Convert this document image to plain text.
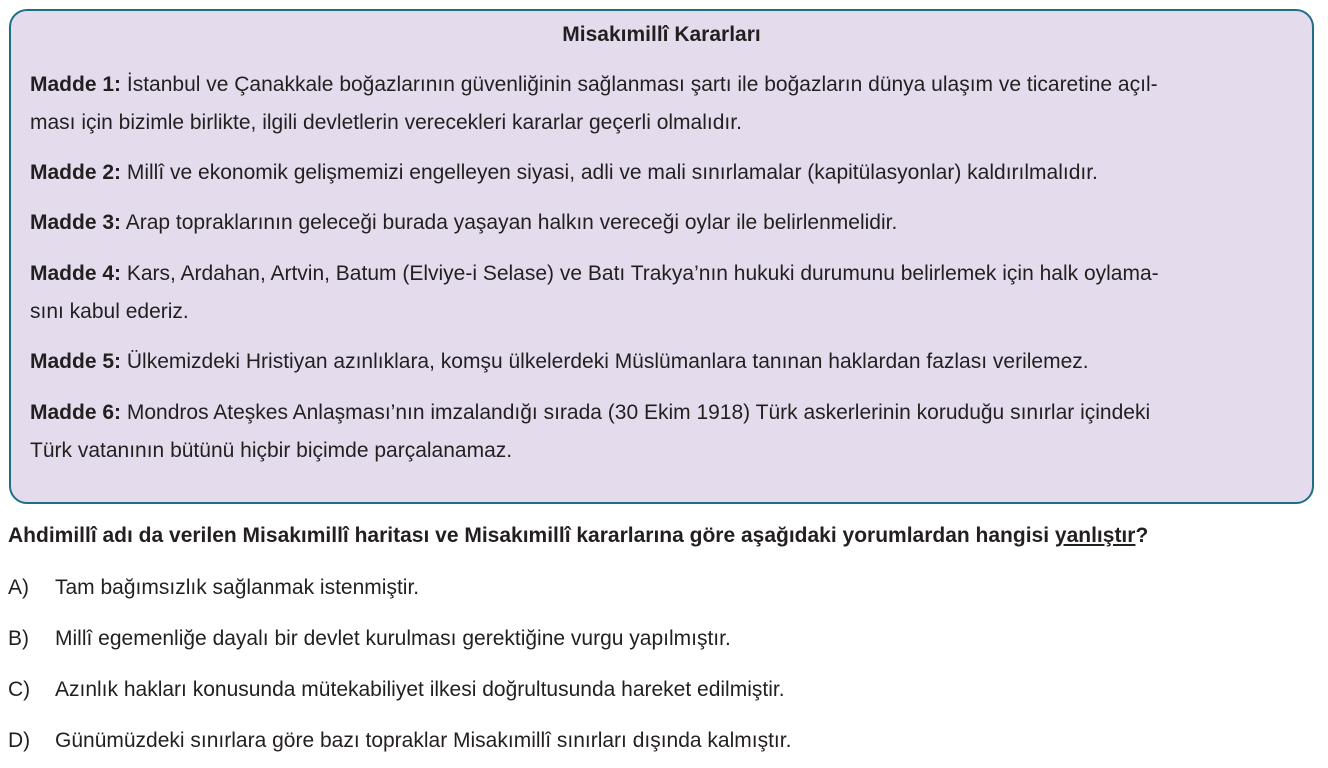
Misakımillî Kararları
Madde 1: İstanbul ve Çanakkale boğazlarının güvenliğinin sağlanması şartı ile boğazların dünya ulaşım ve ticaretine açıl-
ması için bizimle birlikte, ilgili devletlerin verecekleri kararlar geçerli olmalıdır.
Madde 2: Millî ve ekonomik gelişmemizi engelleyen siyasi, adli ve mali sınırlamalar (kapitülasyonlar) kaldırılmalıdır.
Madde 3: Arap topraklarının geleceği burada yaşayan halkın vereceği oylar ile belirlenmelidir.
Madde 4: Kars, Ardahan, Artvin, Batum (Elviye-i Selase) ve Batı Trakya’nın hukuki durumunu belirlemek için halk oylama-
sını kabul ederiz.
Madde 5: Ülkemizdeki Hristiyan azınlıklara, komşu ülkelerdeki Müslümanlara tanınan haklardan fazlası verilemez.
Madde 6: Mondros Ateşkes Anlaşması’nın imzalandığı sırada (30 Ekim 1918) Türk askerlerinin koruduğu sınırlar içindeki
Türk vatanının bütünü hiçbir biçimde parçalanamaz.
Ahdimillî adı da verilen Misakımillî haritası ve Misakımillî kararlarına göre aşağıdaki yorumlardan hangisi yanlıştır?
A) Tam bağımsızlık sağlanmak istenmiştir.
B) Millî egemenliğe dayalı bir devlet kurulması gerektiğine vurgu yapılmıştır.
C) Azınlık hakları konusunda mütekabiliyet ilkesi doğrultusunda hareket edilmiştir.
D) Günümüzdeki sınırlara göre bazı topraklar Misakımillî sınırları dışında kalmıştır.
